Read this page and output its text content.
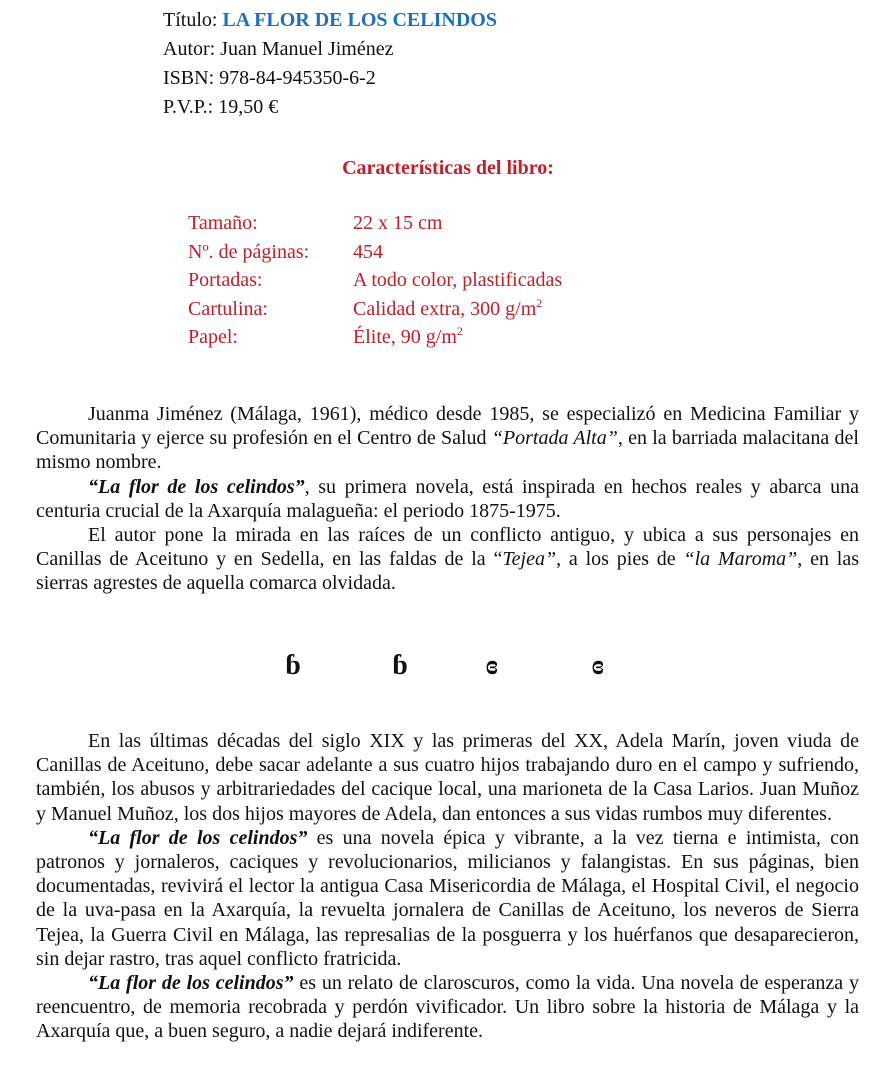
Título: LA FLOR DE LOS CELINDOS
Autor: Juan Manuel Jiménez
ISBN: 978-84-945350-6-2
P.V.P.: 19,50 €
Características del libro:
Tamaño:	22 x 15 cm
Nº. de páginas:	454
Portadas:	A todo color, plastificadas
Cartulina:	Calidad extra, 300 $g/m^2$
Papel:	Élite, 90 $g/m^2$

Juanma Jiménez (Málaga, 1961), médico desde 1985, se especializó en Medicina Familiar y Comunitaria y ejerce su profesión en el Centro de Salud “Portada Alta”, en la barriada malacitana del mismo nombre.

“La flor de los celindos”, su primera novela, está inspirada en hechos reales y abarca una centuria crucial de la Axarquía malagueña: el periodo 1875-1975.

El autor pone la mirada en las raíces de un conflicto antiguo, y ubica a sus personajes en Canillas de Aceituno y en Sedella, en las faldas de la “Tejea”, a los pies de “la Maroma”, en las sierras agrestes de aquella comarca olvidada.

ɓ	ɓ	ɞ	ɞ

En las últimas décadas del siglo XIX y las primeras del XX, Adela Marín, joven viuda de Canillas de Aceituno, debe sacar adelante a sus cuatro hijos trabajando duro en el campo y sufriendo, también, los abusos y arbitrariedades del cacique local, una marioneta de la Casa Larios. Juan Muñoz y Manuel Muñoz, los dos hijos mayores de Adela, dan entonces a sus vidas rumbos muy diferentes.

“La flor de los celindos” es una novela épica y vibrante, a la vez tierna e intimista, con patronos y jornaleros, caciques y revolucionarios, milicianos y falangistas. En sus páginas, bien documentadas, revivirá el lector la antigua Casa Misericordia de Málaga, el Hospital Civil, el negocio de la uva-pasa en la Axarquía, la revuelta jornalera de Canillas de Aceituno, los neveros de Sierra Tejea, la Guerra Civil en Málaga, las represalias de la posguerra y los huérfanos que desaparecieron, sin dejar rastro, tras aquel conflicto fratricida.

“La flor de los celindos” es un relato de claroscuros, como la vida. Una novela de esperanza y reencuentro, de memoria recobrada y perdón vivificador. Un libro sobre la historia de Málaga y la Axarquía que, a buen seguro, a nadie dejará indiferente.
